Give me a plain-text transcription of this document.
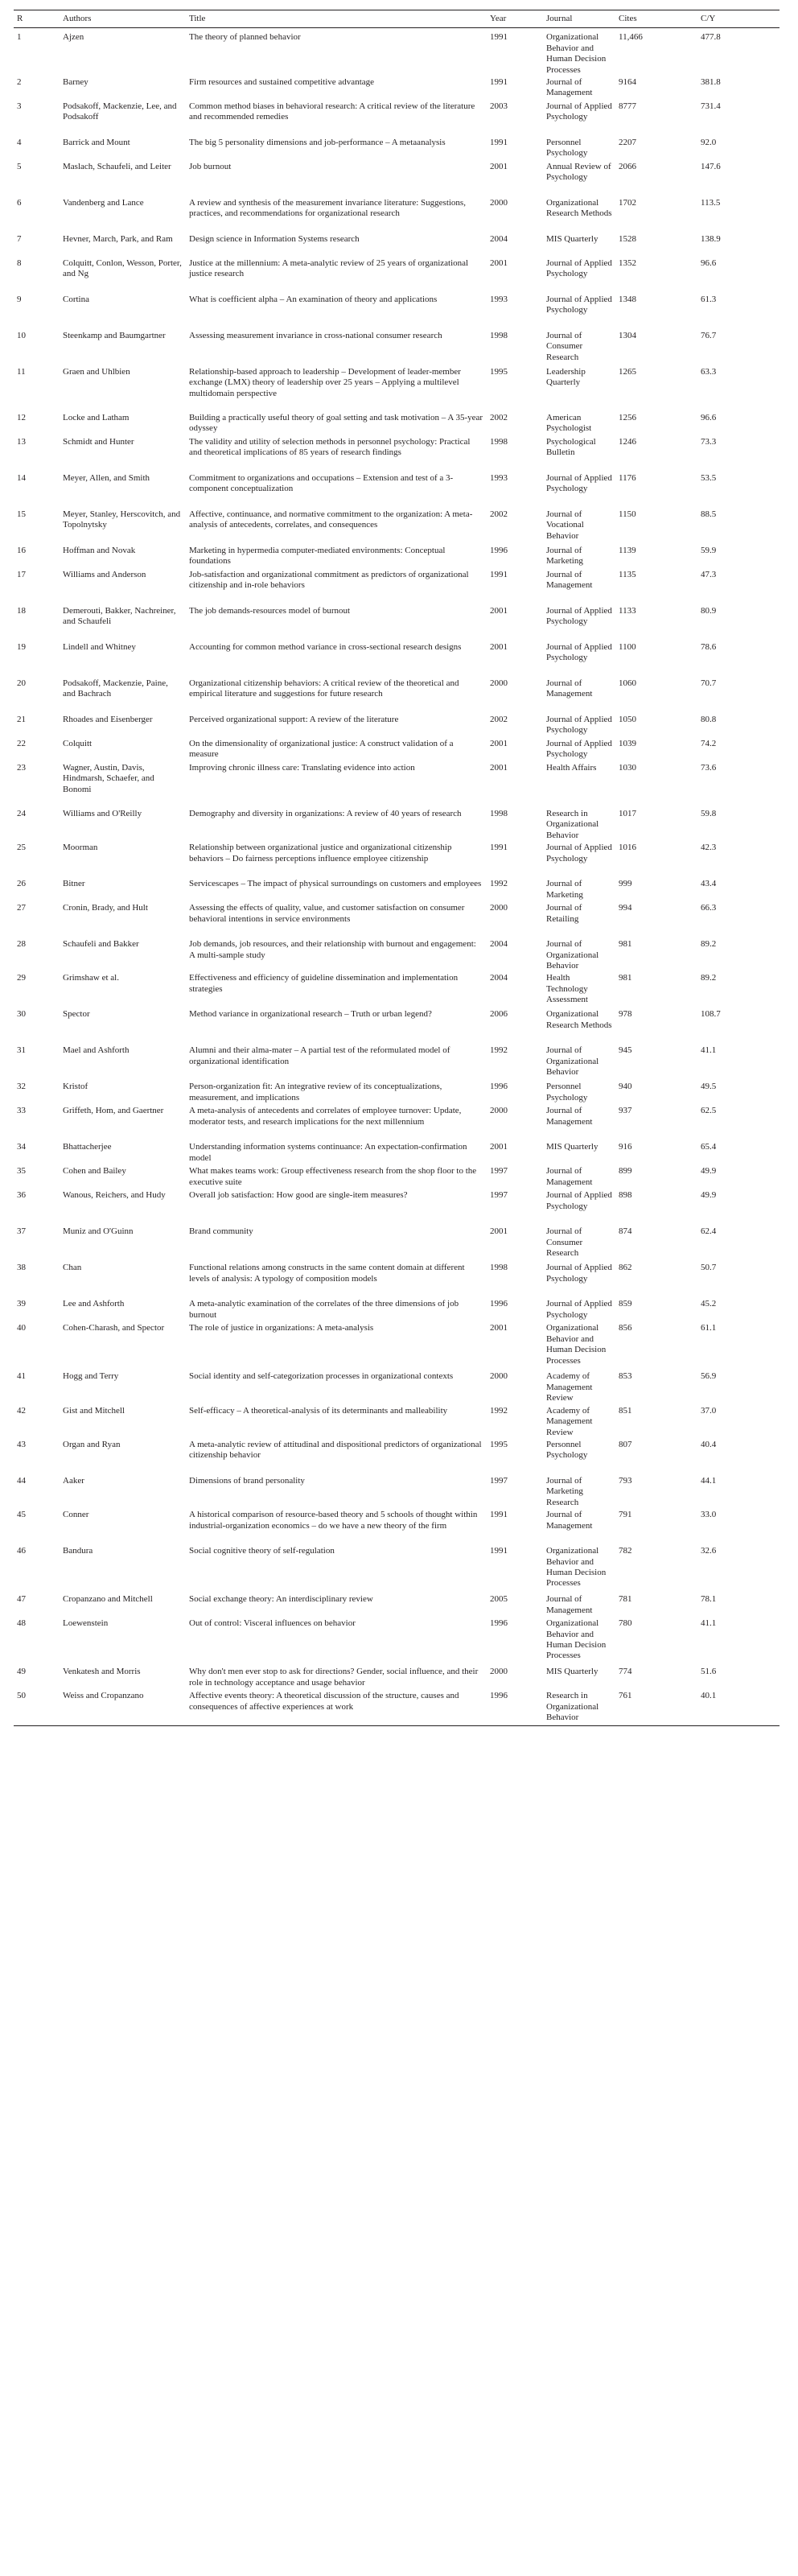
R	Authors	Title	Year	Journal	Cites	C/Y
1	Ajzen	The theory of planned behavior	1991	Organizational Behavior and Human Decision Processes	11,466	477.8
2	Barney	Firm resources and sustained competitive advantage	1991	Journal of Management	9164	381.8
3	Podsakoff, Mackenzie, Lee, and Podsakoff	Common method biases in behavioral research: A critical review of the literature and recommended remedies	2003	Journal of Applied Psychology	8777	731.4
4	Barrick and Mount	The big 5 personality dimensions and job-performance – A metaanalysis	1991	Personnel Psychology	2207	92.0
5	Maslach, Schaufeli, and Leiter	Job burnout	2001	Annual Review of Psychology	2066	147.6
6	Vandenberg and Lance	A review and synthesis of the measurement invariance literature: Suggestions, practices, and recommendations for organizational research	2000	Organizational Research Methods	1702	113.5
7	Hevner, March, Park, and Ram	Design science in Information Systems research	2004	MIS Quarterly	1528	138.9
8	Colquitt, Conlon, Wesson, Porter, and Ng	Justice at the millennium: A meta-analytic review of 25 years of organizational justice research	2001	Journal of Applied Psychology	1352	96.6
9	Cortina	What is coefficient alpha – An examination of theory and applications	1993	Journal of Applied Psychology	1348	61.3
10	Steenkamp and Baumgartner	Assessing measurement invariance in cross-national consumer research	1998	Journal of Consumer Research	1304	76.7
11	Graen and Uhlbien	Relationship-based approach to leadership – Development of leader-member exchange (LMX) theory of leadership over 25 years – Applying a multilevel multidomain perspective	1995	Leadership Quarterly	1265	63.3
12	Locke and Latham	Building a practically useful theory of goal setting and task motivation – A 35-year odyssey	2002	American Psychologist	1256	96.6
13	Schmidt and Hunter	The validity and utility of selection methods in personnel psychology: Practical and theoretical implications of 85 years of research findings	1998	Psychological Bulletin	1246	73.3
14	Meyer, Allen, and Smith	Commitment to organizations and occupations – Extension and test of a 3-component conceptualization	1993	Journal of Applied Psychology	1176	53.5
15	Meyer, Stanley, Herscovitch, and Topolnytsky	Affective, continuance, and normative commitment to the organization: A meta-analysis of antecedents, correlates, and consequences	2002	Journal of Vocational Behavior	1150	88.5
16	Hoffman and Novak	Marketing in hypermedia computer-mediated environments: Conceptual foundations	1996	Journal of Marketing	1139	59.9
17	Williams and Anderson	Job-satisfaction and organizational commitment as predictors of organizational citizenship and in-role behaviors	1991	Journal of Management	1135	47.3
18	Demerouti, Bakker, Nachreiner, and Schaufeli	The job demands-resources model of burnout	2001	Journal of Applied Psychology	1133	80.9
19	Lindell and Whitney	Accounting for common method variance in cross-sectional research designs	2001	Journal of Applied Psychology	1100	78.6
20	Podsakoff, Mackenzie, Paine, and Bachrach	Organizational citizenship behaviors: A critical review of the theoretical and empirical literature and suggestions for future research	2000	Journal of Management	1060	70.7
21	Rhoades and Eisenberger	Perceived organizational support: A review of the literature	2002	Journal of Applied Psychology	1050	80.8
22	Colquitt	On the dimensionality of organizational justice: A construct validation of a measure	2001	Journal of Applied Psychology	1039	74.2
23	Wagner, Austin, Davis, Hindmarsh, Schaefer, and Bonomi	Improving chronic illness care: Translating evidence into action	2001	Health Affairs	1030	73.6
24	Williams and O'Reilly	Demography and diversity in organizations: A review of 40 years of research	1998	Research in Organizational Behavior	1017	59.8
25	Moorman	Relationship between organizational justice and organizational citizenship behaviors – Do fairness perceptions influence employee citizenship	1991	Journal of Applied Psychology	1016	42.3
26	Bitner	Servicescapes – The impact of physical surroundings on customers and employees	1992	Journal of Marketing	999	43.4
27	Cronin, Brady, and Hult	Assessing the effects of quality, value, and customer satisfaction on consumer behavioral intentions in service environments	2000	Journal of Retailing	994	66.3
28	Schaufeli and Bakker	Job demands, job resources, and their relationship with burnout and engagement: A multi-sample study	2004	Journal of Organizational Behavior	981	89.2
29	Grimshaw et al.	Effectiveness and efficiency of guideline dissemination and implementation strategies	2004	Health Technology Assessment	981	89.2
30	Spector	Method variance in organizational research – Truth or urban legend?	2006	Organizational Research Methods	978	108.7
31	Mael and Ashforth	Alumni and their alma-mater – A partial test of the reformulated model of organizational identification	1992	Journal of Organizational Behavior	945	41.1
32	Kristof	Person-organization fit: An integrative review of its conceptualizations, measurement, and implications	1996	Personnel Psychology	940	49.5
33	Griffeth, Hom, and Gaertner	A meta-analysis of antecedents and correlates of employee turnover: Update, moderator tests, and research implications for the next millennium	2000	Journal of Management	937	62.5
34	Bhattacherjee	Understanding information systems continuance: An expectation-confirmation model	2001	MIS Quarterly	916	65.4
35	Cohen and Bailey	What makes teams work: Group effectiveness research from the shop floor to the executive suite	1997	Journal of Management	899	49.9
36	Wanous, Reichers, and Hudy	Overall job satisfaction: How good are single-item measures?	1997	Journal of Applied Psychology	898	49.9
37	Muniz and O'Guinn	Brand community	2001	Journal of Consumer Research	874	62.4
38	Chan	Functional relations among constructs in the same content domain at different levels of analysis: A typology of composition models	1998	Journal of Applied Psychology	862	50.7
39	Lee and Ashforth	A meta-analytic examination of the correlates of the three dimensions of job burnout	1996	Journal of Applied Psychology	859	45.2
40	Cohen-Charash, and Spector	The role of justice in organizations: A meta-analysis	2001	Organizational Behavior and Human Decision Processes	856	61.1
41	Hogg and Terry	Social identity and self-categorization processes in organizational contexts	2000	Academy of Management Review	853	56.9
42	Gist and Mitchell	Self-efficacy – A theoretical-analysis of its determinants and malleability	1992	Academy of Management Review	851	37.0
43	Organ and Ryan	A meta-analytic review of attitudinal and dispositional predictors of organizational citizenship behavior	1995	Personnel Psychology	807	40.4
44	Aaker	Dimensions of brand personality	1997	Journal of Marketing Research	793	44.1
45	Conner	A historical comparison of resource-based theory and 5 schools of thought within industrial-organization economics – do we have a new theory of the firm	1991	Journal of Management	791	33.0
46	Bandura	Social cognitive theory of self-regulation	1991	Organizational Behavior and Human Decision Processes	782	32.6
47	Cropanzano and Mitchell	Social exchange theory: An interdisciplinary review	2005	Journal of Management	781	78.1
48	Loewenstein	Out of control: Visceral influences on behavior	1996	Organizational Behavior and Human Decision Processes	780	41.1
49	Venkatesh and Morris	Why don't men ever stop to ask for directions? Gender, social influence, and their role in technology acceptance and usage behavior	2000	MIS Quarterly	774	51.6
50	Weiss and Cropanzano	Affective events theory: A theoretical discussion of the structure, causes and consequences of affective experiences at work	1996	Research in Organizational Behavior	761	40.1
